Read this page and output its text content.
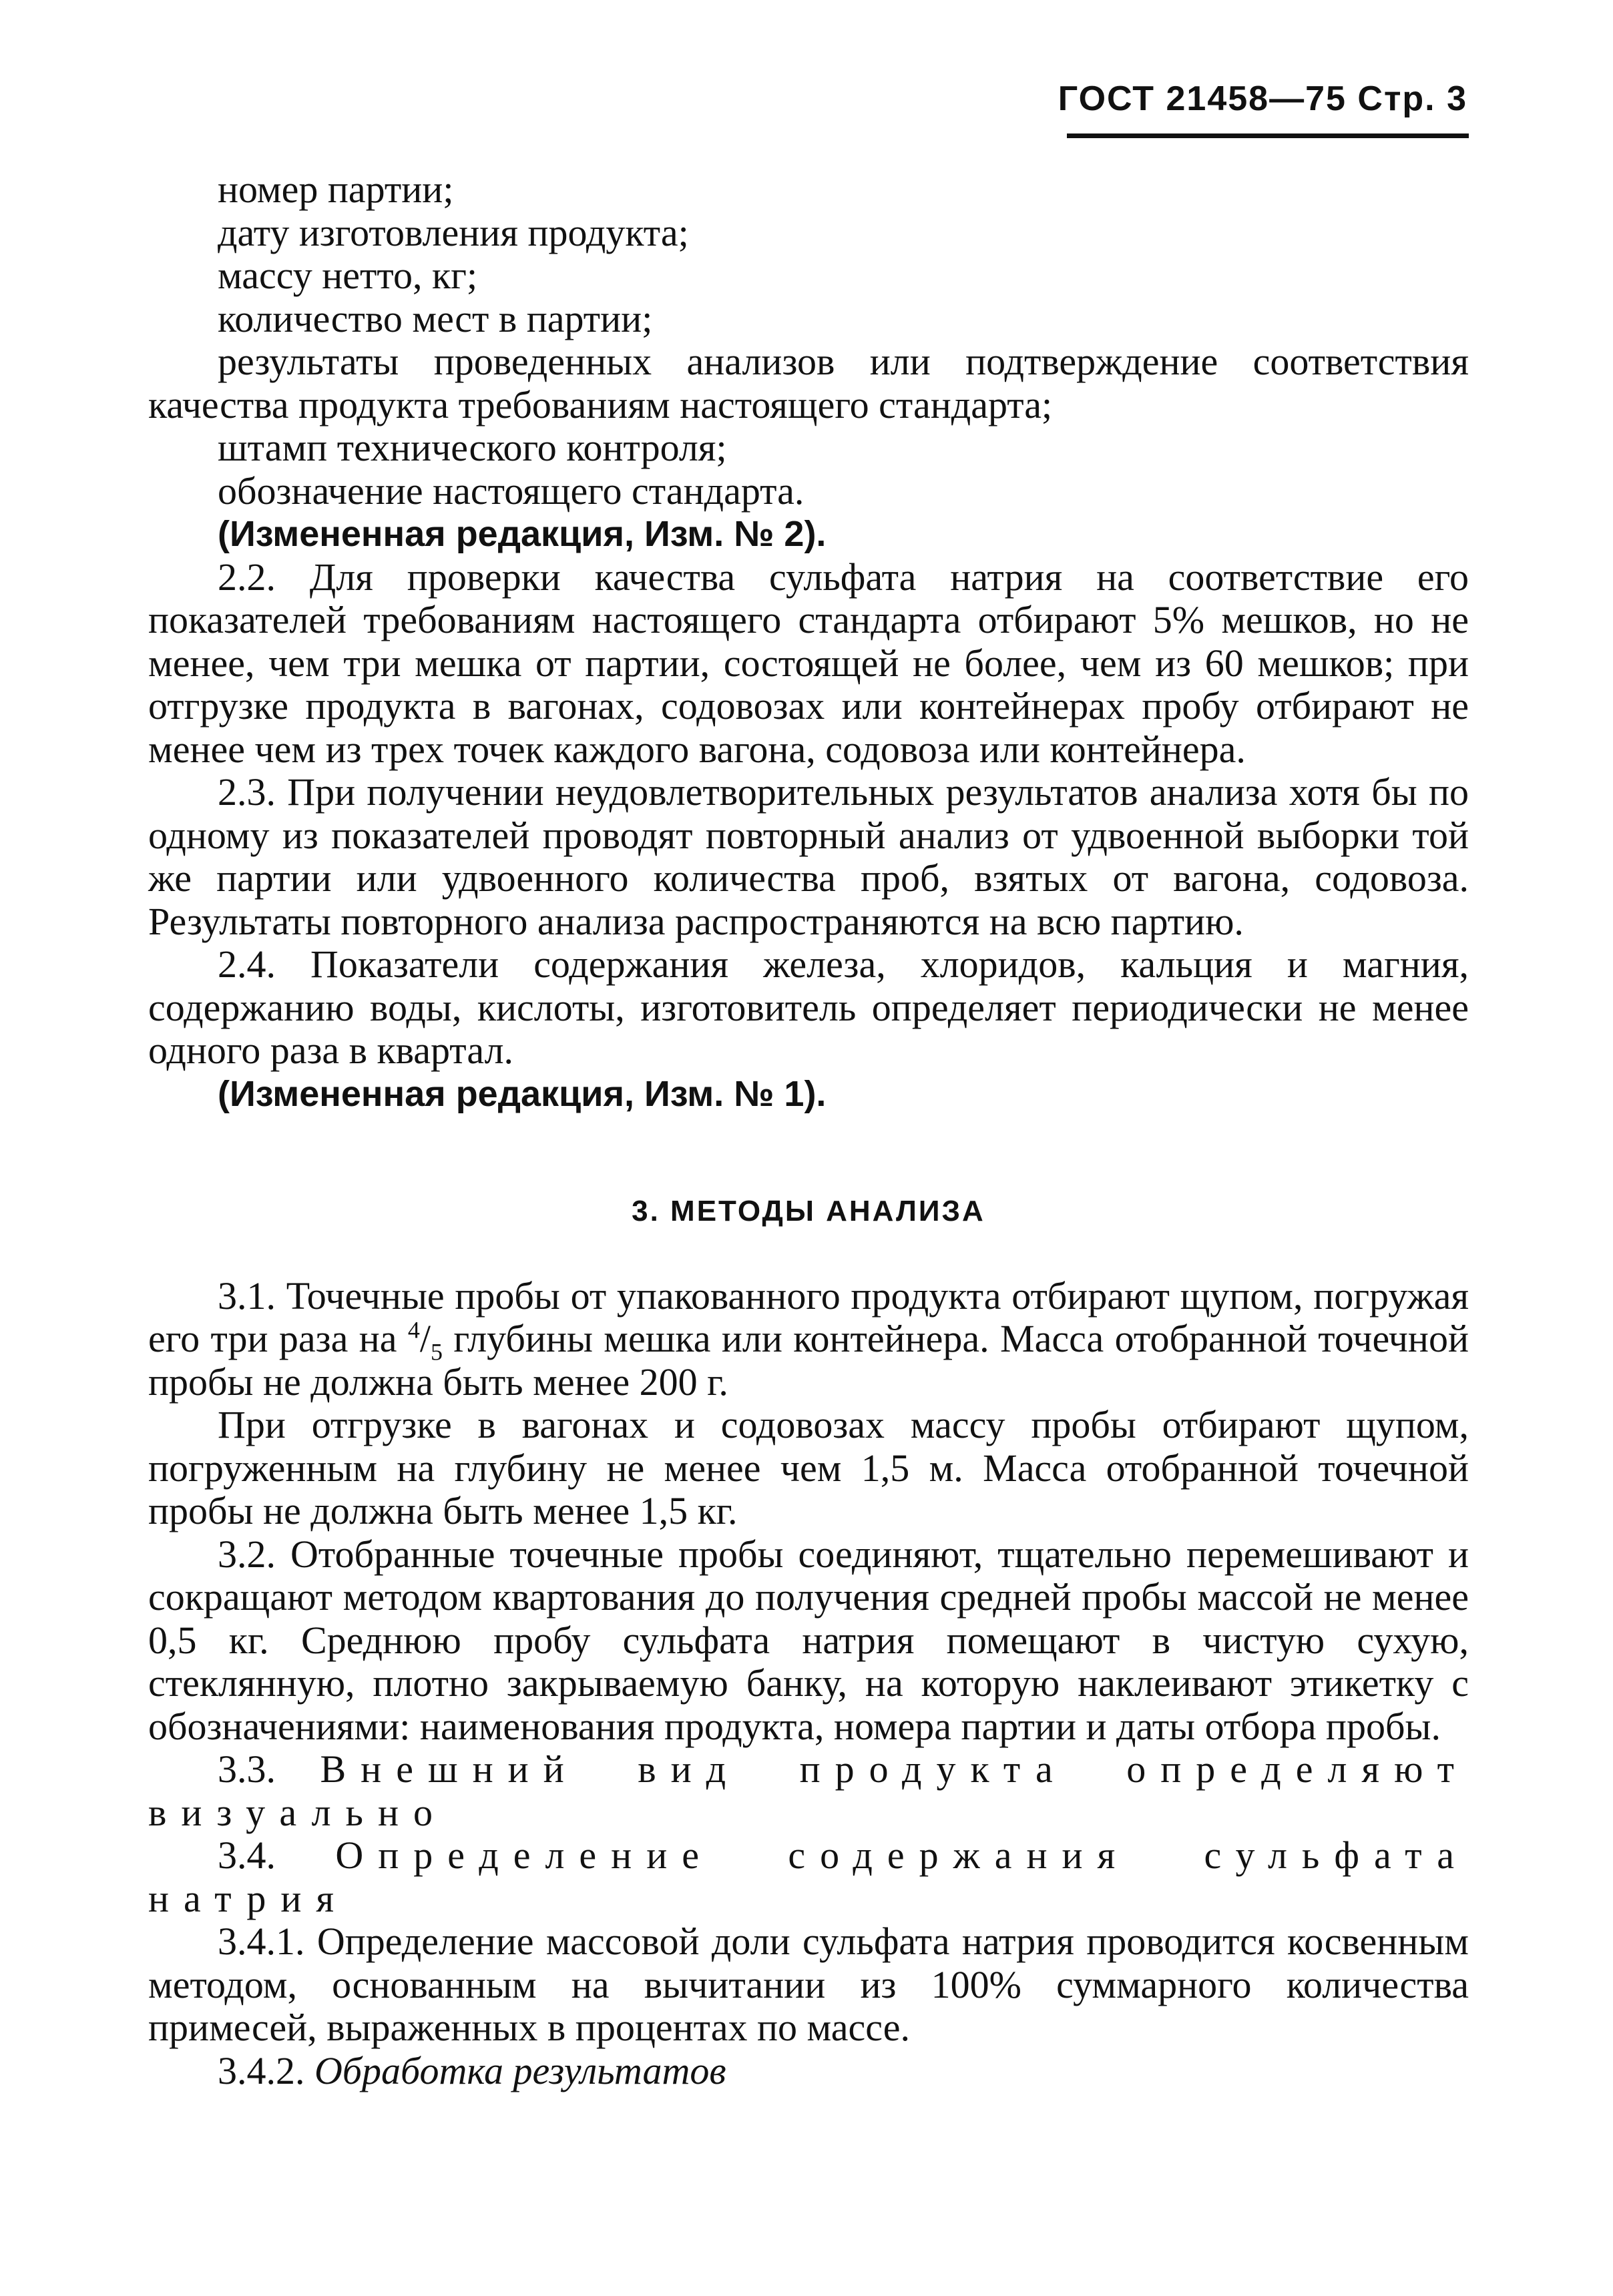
ГОСТ 21458—75 Стр. 3

номер партии;

дату изготовления продукта;

массу нетто, кг;

количество мест в партии;

результаты проведенных анализов или подтверждение соответствия качества продукта требованиям настоящего стандарта;

штамп технического контроля;

обозначение настоящего стандарта.

(Измененная редакция, Изм. № 2).

2.2. Для проверки качества сульфата натрия на соответствие его показателей требованиям настоящего стандарта отбирают 5% мешков, но не менее, чем три мешка от партии, состоящей не более, чем из 60 мешков; при отгрузке продукта в вагонах, содовозах или контейнерах пробу отбирают не менее чем из трех точек каждого вагона, содовоза или контейнера.

2.3. При получении неудовлетворительных результатов анализа хотя бы по одному из показателей проводят повторный анализ от удвоенной выборки той же партии или удвоенного количества проб, взятых от вагона, содовоза. Результаты повторного анализа распространяются на всю партию.

2.4. Показатели содержания железа, хлоридов, кальция и магния, содержанию воды, кислоты, изготовитель определяет периодически не менее одного раза в квартал.

(Измененная редакция, Изм. № 1).

3. МЕТОДЫ АНАЛИЗА

3.1. Точечные пробы от упакованного продукта отбирают щупом, погружая его три раза на $^4/_5$ глубины мешка или контейнера. Масса отобранной точечной пробы не должна быть менее 200 г.

При отгрузке в вагонах и содовозах массу пробы отбирают щупом, погруженным на глубину не менее чем 1,5 м. Масса отобранной точечной пробы не должна быть менее 1,5 кг.

3.2. Отобранные точечные пробы соединяют, тщательно перемешивают и сокращают методом квартования до получения средней пробы массой не менее 0,5 кг. Среднюю пробу сульфата натрия помещают в чистую сухую, стеклянную, плотно закрываемую банку, на которую наклеивают этикетку с обозначениями: наименования продукта, номера партии и даты отбора пробы.

3.3. Внешний вид продукта определяют визуально

3.4. Определение содержания сульфата натрия

3.4.1. Определение массовой доли сульфата натрия проводится косвенным методом, основанным на вычитании из 100% суммарного количества примесей, выраженных в процентах по массе.

3.4.2. Обработка результатов
